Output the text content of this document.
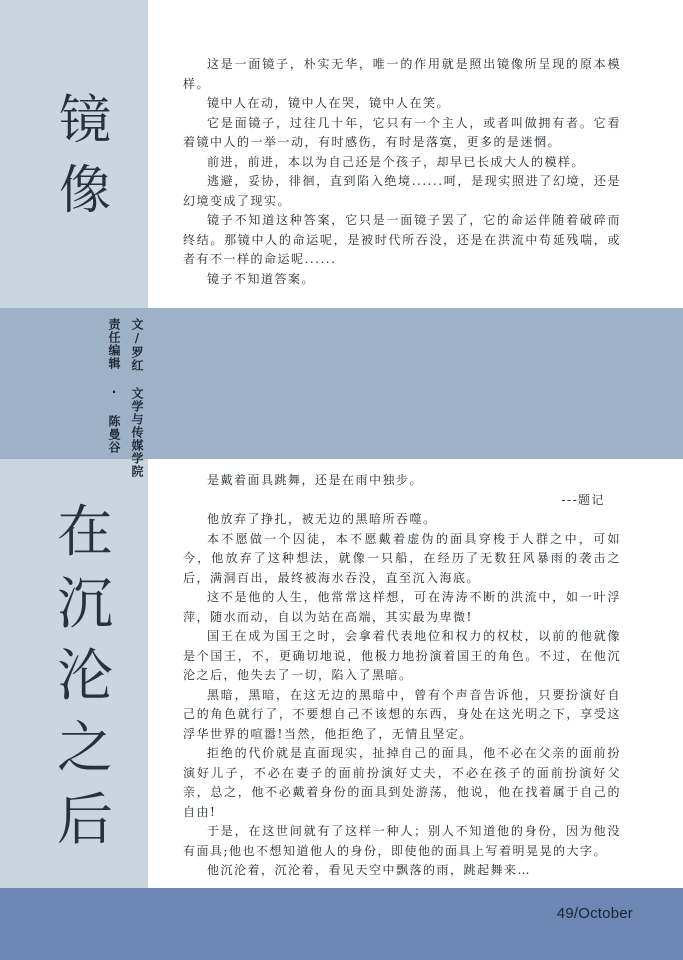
镜
像
在
沉
沦
之
后
责任编辑 · 陈曼谷 文/罗红 文学与传媒学院

这是一面镜子，朴实无华，唯一的作用就是照出镜像所呈现的原本模样。

镜中人在动，镜中人在哭，镜中人在笑。

它是面镜子，过往几十年，它只有一个主人，或者叫做拥有者。它看着镜中人的一举一动，有时感伤，有时是落寞，更多的是迷惘。

前进，前进，本以为自己还是个孩子，却早已长成大人的模样。

逃避，妥协，徘徊，直到陷入绝境......呵，是现实照进了幻境，还是幻境变成了现实。

镜子不知道这种答案，它只是一面镜子罢了，它的命运伴随着破碎而终结。那镜中人的命运呢，是被时代所吞没，还是在洪流中苟延残喘，或者有不一样的命运呢......

镜子不知道答案。

是戴着面具跳舞，还是在雨中独步。

---题记

他放弃了挣扎，被无边的黑暗所吞噬。

本不愿做一个囚徒，本不愿戴着虚伪的面具穿梭于人群之中，可如今，他放弃了这种想法，就像一只船，在经历了无数狂风暴雨的袭击之后，满洞百出，最终被海水吞没，直至沉入海底。

这不是他的人生，他常常这样想，可在涛涛不断的洪流中，如一叶浮萍，随水而动，自以为站在高端，其实最为卑微!

国王在成为国王之时，会拿着代表地位和权力的权杖，以前的他就像是个国王，不，更确切地说，他极力地扮演着国王的角色。不过，在他沉沦之后，他失去了一切，陷入了黑暗。

黑暗，黑暗，在这无边的黑暗中，曾有个声音告诉他，只要扮演好自己的角色就行了，不要想自己不该想的东西，身处在这光明之下，享受这浮华世界的喧嚣!当然，他拒绝了，无情且坚定。

拒绝的代价就是直面现实，扯掉自己的面具，他不必在父亲的面前扮演好儿子，不必在妻子的面前扮演好丈夫，不必在孩子的面前扮演好父亲，总之，他不必戴着身份的面具到处游荡，他说，他在找着属于自己的自由!

于是，在这世间就有了这样一种人；别人不知道他的身份，因为他没有面具;他也不想知道他人的身份，即使他的面具上写着明晃晃的大字。

他沉沦着，沉沦着，看见天空中飘落的雨，跳起舞来…

49/October
